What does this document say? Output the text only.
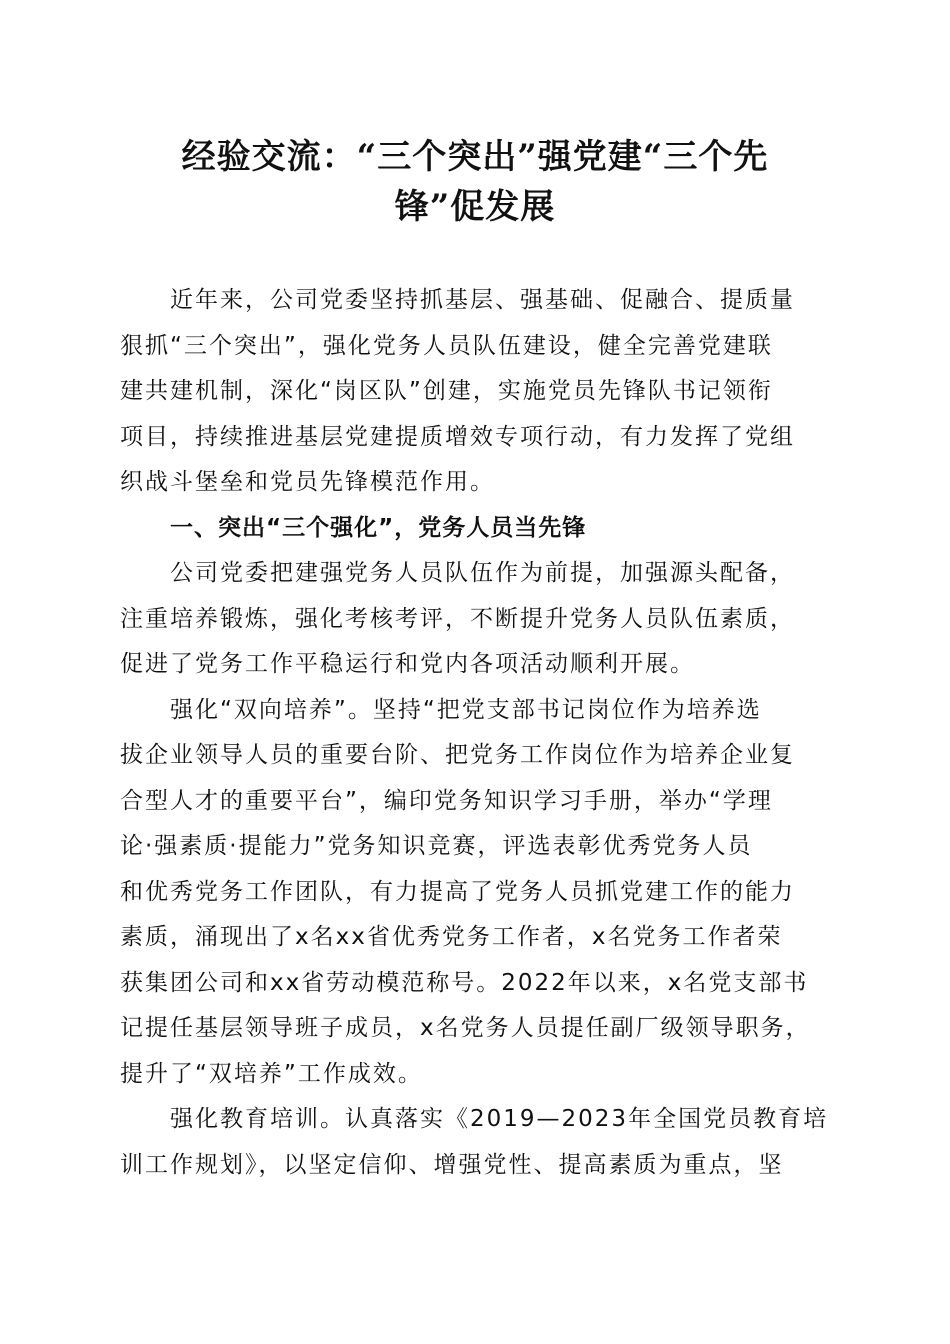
经验交流：“三个突出”强党建“三个先
锋”促发展
近年来，公司党委坚持抓基层、强基础、促融合、提质量
狠抓“三个突出”，强化党务人员队伍建设，健全完善党建联
建共建机制，深化“岗区队”创建，实施党员先锋队书记领衔
项目，持续推进基层党建提质增效专项行动，有力发挥了党组
织战斗堡垒和党员先锋模范作用。
一、突出“三个强化”，党务人员当先锋
公司党委把建强党务人员队伍作为前提，加强源头配备，
注重培养锻炼，强化考核考评，不断提升党务人员队伍素质，
促进了党务工作平稳运行和党内各项活动顺利开展。
强化“双向培养”。坚持“把党支部书记岗位作为培养选
拔企业领导人员的重要台阶、把党务工作岗位作为培养企业复
合型人才的重要平台”，编印党务知识学习手册，举办“学理
论·强素质·提能力”党务知识竞赛，评选表彰优秀党务人员
和优秀党务工作团队，有力提高了党务人员抓党建工作的能力
素质，涌现出了x名xx省优秀党务工作者，x名党务工作者荣
获集团公司和xx省劳动模范称号。2022年以来，x名党支部书
记提任基层领导班子成员，x名党务人员提任副厂级领导职务，
提升了“双培养”工作成效。
强化教育培训。认真落实《2019—2023年全国党员教育培
训工作规划》，以坚定信仰、增强党性、提高素质为重点，坚
